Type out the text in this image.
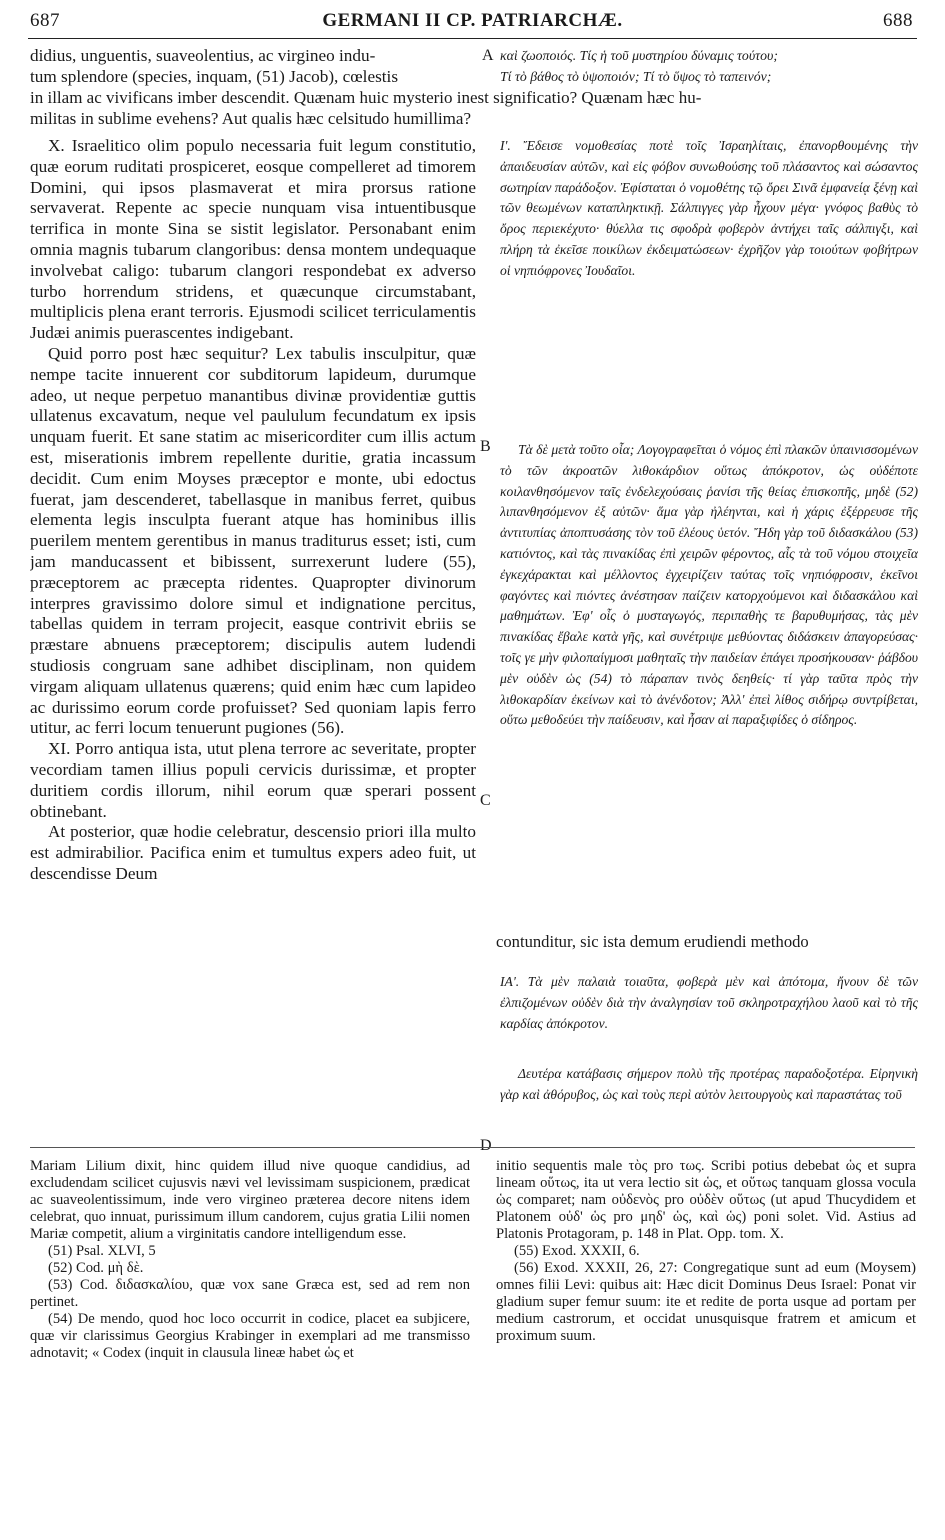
687	GERMANI II CP. PATRIARCHÆ.	688
didius, unguentis, suaveolentius, ac virgineo indu-	A καὶ ζωοποιός. Τίς ἡ τοῦ μυστηρίου δύναμις τούτου;
tum splendore (species, inquam, (51) Jacob), cœlestis	Τί τὸ βάθος τὸ ὑψοποιόν; Τί τὸ ὕψος τὸ ταπεινόν;
in illam ac vivificans imber descendit. Quænam huic mysterio inest significatio? Quænam hæc hu-
militas in sublime evehens? Aut qualis hæc celsitudo humillima?

X. Israelitico olim populo necessaria fuit legum constitutio, quæ eorum ruditati prospiceret, eosque compelleret ad timorem Domini, qui ipsos plasmaverat et mira prorsus ratione servaverat. Repente ac specie nunquam visa intuentibusque terrifica in monte Sina se sistit legislator. Personabant enim omnia magnis tubarum clangoribus: densa montem undequaque involvebat caligo: tubarum clangori respondebat ex adverso turbo horrendum stridens, et quæcunque circumstabant, multiplicis plena erant terroris. Ejusmodi scilicet terriculamentis Judæi animis puerascentes indigebant.

Quid porro post hæc sequitur? Lex tabulis insculpitur, quæ nempe tacite innuerent cor subditorum lapideum, durumque adeo, ut neque perpetuo manantibus divinæ providentiæ guttis ullatenus excavatum, neque vel paululum fecundatum ex ipsis unquam fuerit. Et sane statim ac misericorditer cum illis actum est, miserationis imbrem repellente duritie, gratia incassum decidit. Cum enim Moyses præceptor e monte, ubi edoctus fuerat, jam descenderet, tabellasque in manibus ferret, quibus elementa legis insculpta fuerant atque has hominibus illis puerilem mentem gerentibus in manus traditurus esset; isti, cum jam manducassent et bibissent, surrexerunt ludere (55), præceptorem ac præcepta ridentes. Quapropter divinorum interpres gravissimo dolore simul et indignatione percitus, tabellas quidem in terram projecit, easque contrivit ebriis se præstare abnuens præceptorem; discipulis autem ludendi studiosis congruam sane adhibet disciplinam, non quidem virgam aliquam ullatenus quærens; quid enim hæc cum lapideo ac durissimo eorum corde profuisset? Sed quoniam lapis ferro utitur, ac ferri locum tenuerunt pugiones (56).

XI. Porro antiqua ista, utut plena terrore ac severitate, propter vecordiam tamen illius populi cervicis durissimæ, et propter duritiem cordis illorum, nihil eorum quæ sperari possent obtinebant.

At posterior, quæ hodie celebratur, descensio priori illa multo est admirabilior. Pacifica enim et tumultus expers adeo fuit, ut descendisse Deum

B
C
D

Ι'. Ἔδεισε νομοθεσίας ποτὲ τοῖς Ἰσραηλίταις, ἐπανορθουμένης τὴν ἀπαιδευσίαν αὐτῶν, καὶ εἰς φόβον συνωθούσης τοῦ πλάσαντος καὶ σώσαντος σωτηρίαν παράδοξον. Ἐφίσταται ὁ νομοθέτης τῷ ὄρει Σινᾶ ἐμφανείᾳ ξένῃ καὶ τῶν θεωμένων καταπληκτικῇ. Σάλπιγγες γὰρ ἦχουν μέγα· γνόφος βαθὺς τὸ ὄρος περιεκέχυτο· θύελλα τις σφοδρὰ φοβερὸν ἀντήχει ταῖς σάλπιγξι, καὶ πλήρη τὰ ἐκεῖσε ποικίλων ἐκδειματώσεων· ἐχρῆζον γὰρ τοιούτων φοβήτρων οἱ νηπιόφρονες Ἰουδαῖοι.

Τὰ δὲ μετὰ τοῦτο οἷα; Λογογραφεῖται ὁ νόμος ἐπὶ πλακῶν ὑπαινισσομένων τὸ τῶν ἀκροατῶν λιθοκάρδιον οὕτως ἀπόκροτον, ὡς οὐδέποτε κοιλανθησόμενον ταῖς ἐνδελεχούσαις ῥανίσι τῆς θείας ἐπισκοπῆς, μηδὲ (52) λιπανθησόμενον ἐξ αὐτῶν· ἅμα γὰρ ἠλέηνται, καὶ ἡ χάρις ἐξέρρευσε τῆς ἀντιτυπίας ἀποπτυσάσης τὸν τοῦ ἐλέους ὑετόν. Ἤδη γὰρ τοῦ διδασκάλου (53) κατιόντος, καὶ τὰς πινακίδας ἐπὶ χειρῶν φέροντος, αἷς τὰ τοῦ νόμου στοιχεῖα ἐγκεχάρακται καὶ μέλλοντος ἐγχειρίζειν ταύτας τοῖς νηπιόφροσιν, ἐκεῖνοι φαγόντες καὶ πιόντες ἀνέστησαν παίζειν κατορχούμενοι καὶ διδασκάλου καὶ μαθημάτων. Ἐφ' οἷς ὁ μυσταγωγός, περιπαθὴς τε βαρυθυμήσας, τὰς μὲν πινακίδας ἔβαλε κατὰ γῆς, καὶ συνέτριψε μεθύοντας διδάσκειν ἀπαγορεύσας· τοῖς γε μὴν φιλοπαίγμοσι μαθηταῖς τὴν παιδείαν ἐπάγει προσήκουσαν· ῥάβδου μὲν οὐδὲν ὡς (54) τὸ πάραπαν τινὸς δεηθείς· τί γὰρ ταῦτα πρὸς τὴν λιθοκαρδίαν ἐκείνων καὶ τὸ ἀνένδοτον; Ἀλλ' ἐπεὶ λίθος σιδήρῳ συντρίβεται, οὕτω μεθοδεύει τὴν παίδευσιν, καὶ ἦσαν αἱ παραξιφίδες ὁ σίδηρος.

contunditur, sic ista demum erudiendi methodo

ΙΑ'. Τὰ μὲν παλαιὰ τοιαῦτα, φοβερὰ μὲν καὶ ἀπότομα, ἤνουν δὲ τῶν ἐλπιζομένων οὐδὲν διὰ τὴν ἀναλγησίαν τοῦ σκληροτραχήλου λαοῦ καὶ τὸ τῆς καρδίας ἀπόκροτον.

Δευτέρα κατάβασις σήμερον πολὺ τῆς προτέρας παραδοξοτέρα. Εἰρηνικὴ γὰρ καὶ ἀθόρυβος, ὡς καὶ τοὺς περὶ αὐτὸν λειτουργοὺς καὶ παραστάτας τοῦ

Mariam Lilium dixit, hinc quidem illud nive quoque candidius, ad excludendam scilicet cujusvis nævi vel levissimam suspicionem, prædicat ac suaveolentissimum, inde vero virgineo præterea decore nitens idem celebrat, quo innuat, purissimum illum candorem, cujus gratia Lilii nomen Mariæ competit, alium a virginitatis candore intelligendum esse.

(51) Psal. XLVI, 5

(52) Cod. μὴ δὲ.

(53) Cod. διδασκαλίου, quæ vox sane Græca est, sed ad rem non pertinet.

(54) De mendo, quod hoc loco occurrit in codice, placet ea subjicere, quæ vir clarissimus Georgius Krabinger in exemplari ad me transmisso adnotavit; « Codex (inquit in clausula lineæ habet ὡς et

initio sequentis male τὸς pro τως. Scribi potius debebat ὡς et supra lineam οὕτως, ita ut vera lectio sit ὡς, et οὕτως tanquam glossa vocula ὡς comparet; nam οὐδενὸς pro οὐδὲν οὕτως (ut apud Thucydidem et Platonem οὐδ' ὡς pro μηδ' ὡς, καὶ ὡς) poni solet. Vid. Astius ad Platonis Protagoram, p. 148 in Plat. Opp. tom. X.

(55) Exod. XXXII, 6.

(56) Exod. XXXII, 26, 27: Congregatique sunt ad eum (Moysem) omnes filii Levi: quibus ait: Hæc dicit Dominus Deus Israel: Ponat vir gladium super femur suum: ite et redite de porta usque ad portam per medium castrorum, et occidat unusquisque fratrem et amicum et proximum suum.
